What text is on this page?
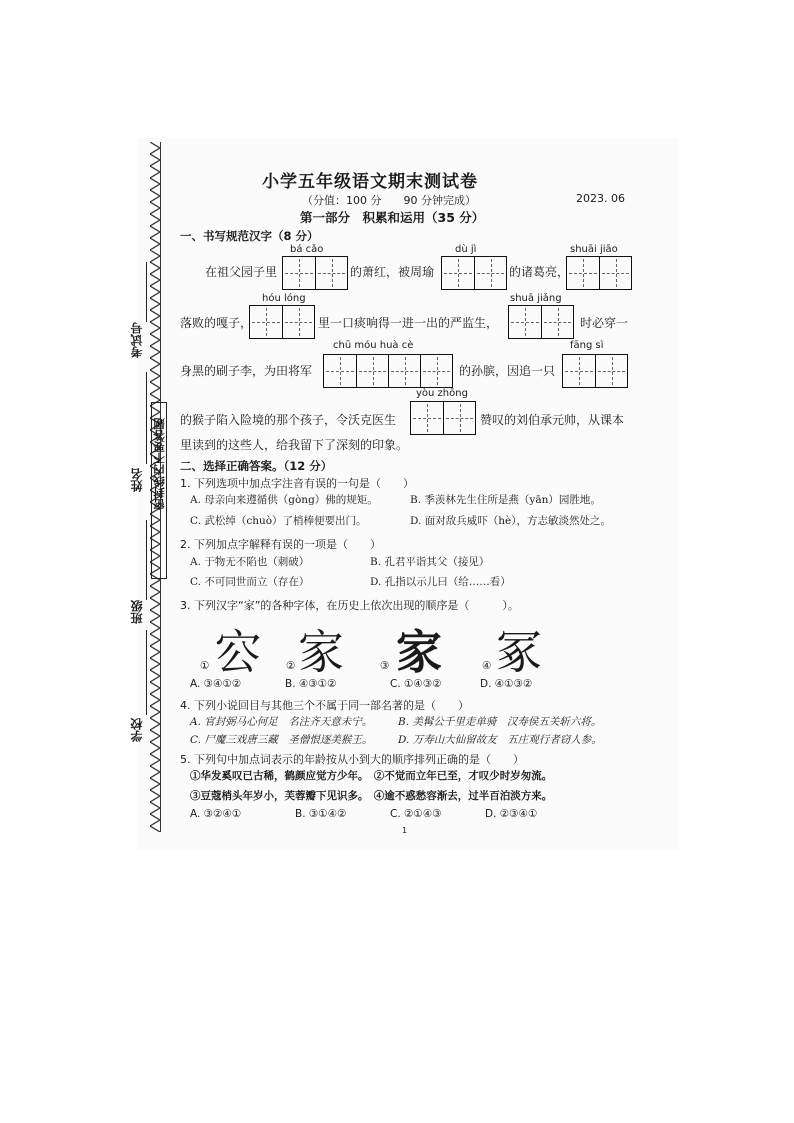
考试号
姓名 密封线内不要答题
班级
学校
小学五年级语文期末测试卷
（分值：100 分　　90 分钟完成）	2023. 06
第一部分　积累和运用（35 分）
一、书写规范汉字（8 分）
bá cǎo	dù jì	shuāi jiāo
在祖父园子里	的萧红，被周瑜	的诸葛亮，
hóu lóng	shuā jiǎng
落败的嘎子，	里一口痰响得一进一出的严监生，	时必穿一
chū móu huà cè	fāng sì
身黑的刷子李，为田将军	的孙膑，因追一只
yòu zhōng
的猴子陷入险境的那个孩子，令沃克医生	赞叹的刘伯承元帅，从课本
里读到的这些人，给我留下了深刻的印象。
二、选择正确答案。（12 分）
1. 下列选项中加点字注音有误的一句是（　　）
A. 母亲向来遵循供（gòng）佛的规矩。	B. 季羡林先生住所是燕（yān）园胜地。
C. 武松绰（chuò）了梢棒便要出门。	D. 面对敌兵威吓（hè），方志敏淡然处之。
2. 下列加点字解释有误的一项是（　　）
A. 于物无不陷也（刺破）	B. 孔君平诣其父（接见）
C. 不可同世而立（存在）	D. 孔指以示儿曰（给……看）
3. 下列汉字“家”的各种字体，在历史上依次出现的顺序是（　　　）。
① 㝐 ② 家	③ 家	④ 冢
A. ③④①②	B. ④③①②	C. ①④③②	D. ④①③②
4. 下列小说回目与其他三个不属于同一部名著的是（　　）
A. 官封弼马心何足　名注齐天意未宁。 B. 美髯公千里走单骑　汉寿侯五关斩六将。
C. 尸魔三戏唐三藏　圣僧恨逐美猴王。 D. 万寿山大仙留故友　五庄观行者窃人参。
5. 下列句中加点词表示的年龄按从小到大的顺序排列正确的是（　　）
①华发奚叹已古稀，鹤颜应觉方少年。　②不觉而立年已至，才叹少时岁匆流。
③豆蔻梢头年岁小，芙蓉瓣下见识多。　④逾不惑愁容渐去，过半百泊淡方来。
A. ③②④①	B. ③①④②	C. ②①④③	D. ②③④①
1
